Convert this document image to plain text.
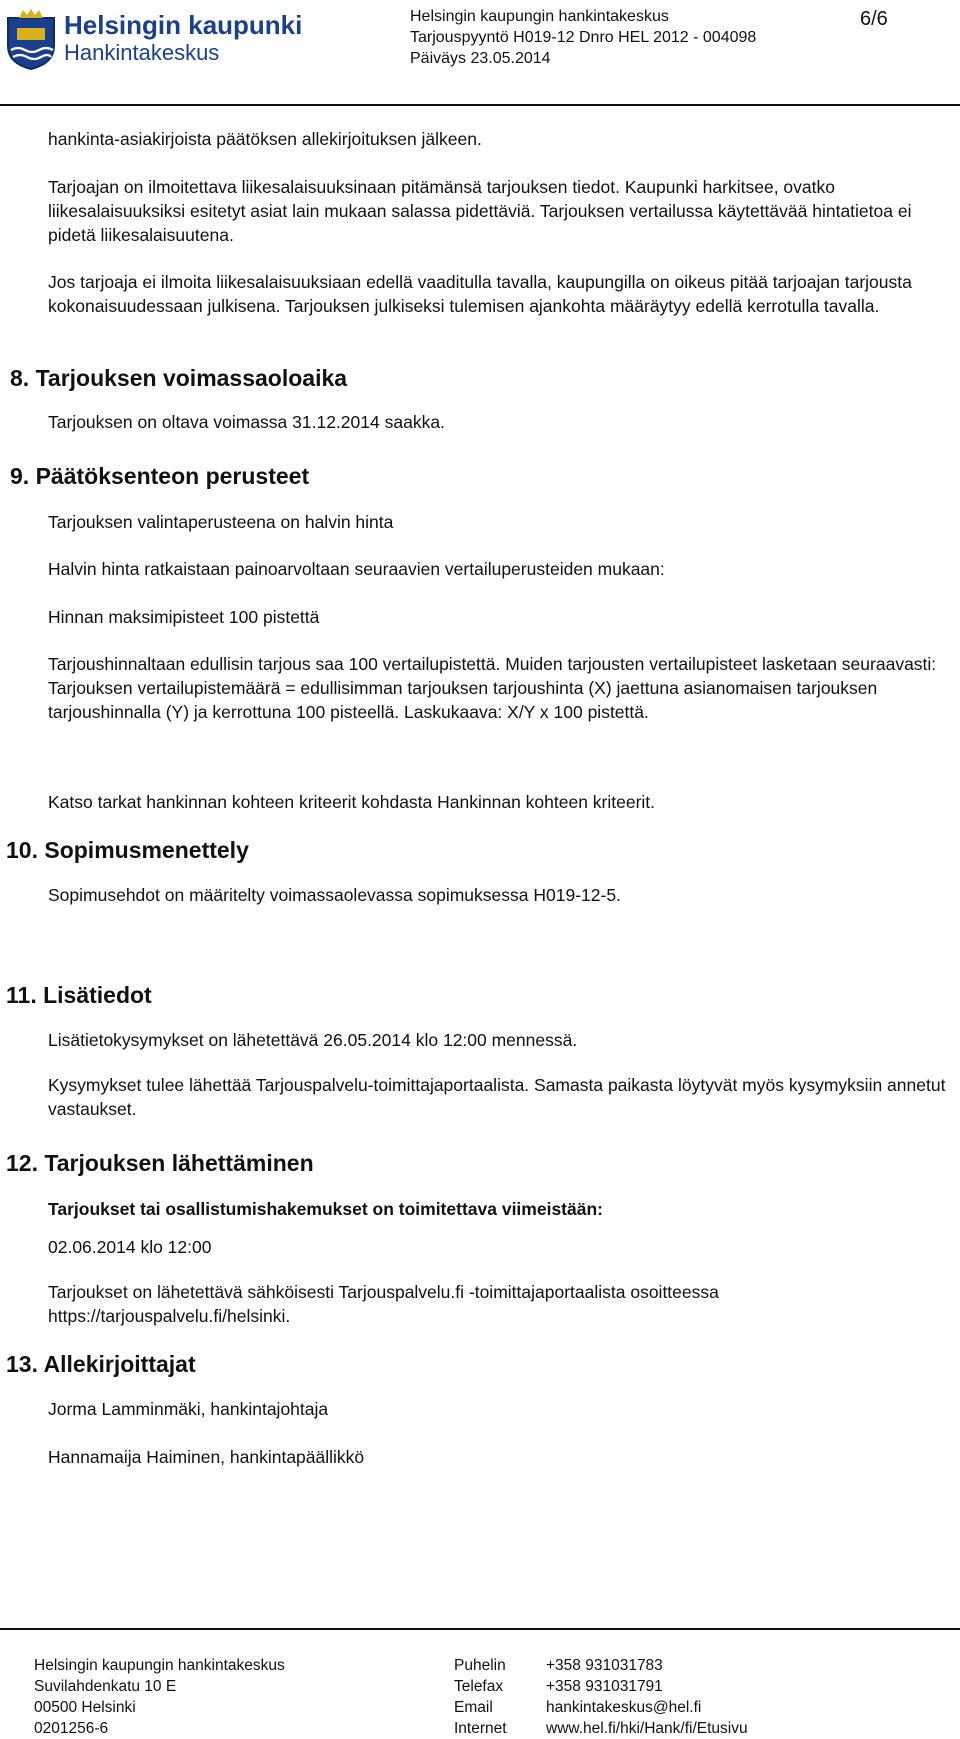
Helsingin kaupunki
Hankintakeskus
Helsingin kaupungin hankintakeskus
Tarjouspyyntö H019-12 Dnro HEL 2012 - 004098
Päiväys 23.05.2014
6/6
hankinta-asiakirjoista päätöksen allekirjoituksen jälkeen.
Tarjoajan on ilmoitettava liikesalaisuuksinaan pitämänsä tarjouksen tiedot. Kaupunki harkitsee, ovatko liikesalaisuuksiksi esitetyt asiat lain mukaan salassa pidettäviä. Tarjouksen vertailussa käytettävää hintatietoa ei pidetä liikesalaisuutena.
Jos tarjoaja ei ilmoita liikesalaisuuksiaan edellä vaaditulla tavalla, kaupungilla on oikeus pitää tarjoajan tarjousta kokonaisuudessaan julkisena. Tarjouksen julkiseksi tulemisen ajankohta määräytyy edellä kerrotulla tavalla.
8. Tarjouksen voimassaoloaika
Tarjouksen on oltava voimassa 31.12.2014 saakka.
9. Päätöksenteon perusteet
Tarjouksen valintaperusteena on halvin hinta
Halvin hinta ratkaistaan painoarvoltaan seuraavien vertailuperusteiden mukaan:
Hinnan maksimipisteet 100 pistettä
Tarjoushinnaltaan edullisin tarjous saa 100 vertailupistettä. Muiden tarjousten vertailupisteet lasketaan seuraavasti: Tarjouksen vertailupistemäärä = edullisimman tarjouksen tarjoushinta (X) jaettuna asianomaisen tarjouksen tarjoushinnalla (Y) ja kerrottuna 100 pisteellä. Laskukaava: X/Y x 100 pistettä.
Katso tarkat hankinnan kohteen kriteerit kohdasta Hankinnan kohteen kriteerit.
10. Sopimusmenettely
Sopimusehdot on määritelty voimassaolevassa sopimuksessa H019-12-5.
11. Lisätiedot
Lisätietokysymykset on lähetettävä 26.05.2014 klo 12:00 mennessä.
Kysymykset tulee lähettää Tarjouspalvelu-toimittajaportaalista. Samasta paikasta löytyvät myös kysymyksiin annetut vastaukset.
12. Tarjouksen lähettäminen
Tarjoukset tai osallistumishakemukset on toimitettava viimeistään:
02.06.2014 klo 12:00
Tarjoukset on lähetettävä sähköisesti Tarjouspalvelu.fi -toimittajaportaalista osoitteessa https://tarjouspalvelu.fi/helsinki.
13. Allekirjoittajat
Jorma Lamminmäki, hankintajohtaja
Hannamaija Haiminen, hankintapäällikkö
Helsingin kaupungin hankintakeskus
Suvilahdenkatu 10 E
00500 Helsinki
0201256-6
Puhelin
Telefax
Email
Internet
+358 931031783
+358 931031791
hankintakeskus@hel.fi
www.hel.fi/hki/Hank/fi/Etusivu
